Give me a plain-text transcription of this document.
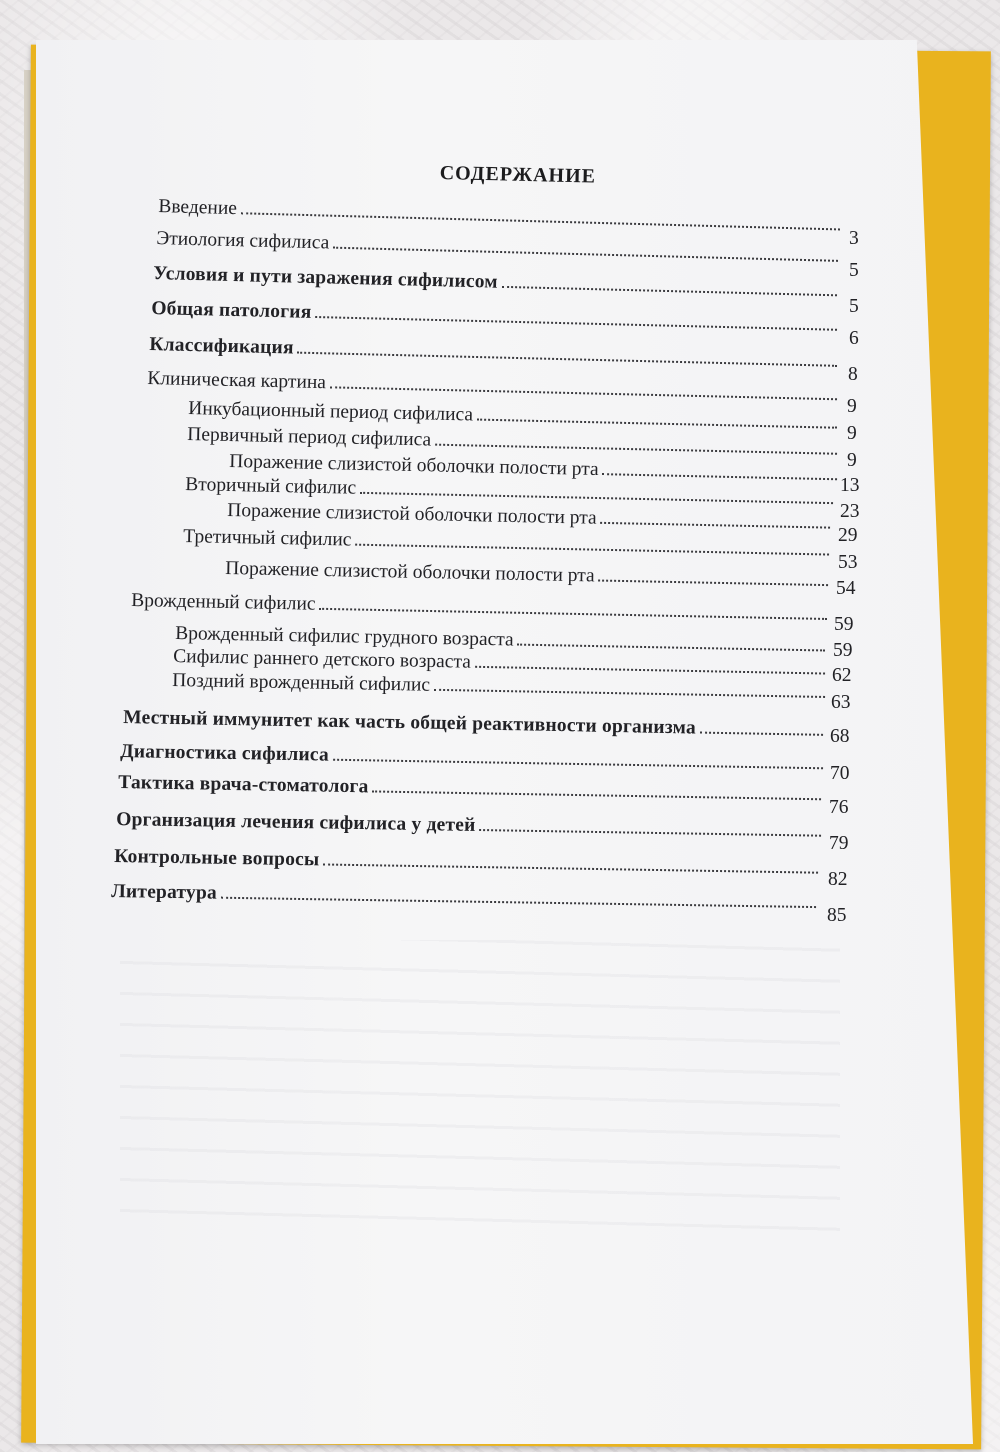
СОДЕРЖАНИЕ
Введение
Этиология сифилиса
Условия и пути заражения сифилисом
Общая патология
Классификация
Клиническая картина
Инкубационный период сифилиса
Первичный период сифилиса
Поражение слизистой оболочки полости рта
Вторичный сифилис
Поражение слизистой оболочки полости рта
Третичный сифилис
Поражение слизистой оболочки полости рта
Врожденный сифилис
Врожденный сифилис грудного возраста
Сифилис раннего детского возраста
Поздний врожденный сифилис
Местный иммунитет как часть общей реактивности организма
Диагностика сифилиса
Тактика врача-стоматолога
Организация лечения сифилиса у детей
Контрольные вопросы
Литература
3
5
5
6
8
9
9
9
13
23
29
53
54
59
59
62
63
68
70
76
79
82
85
